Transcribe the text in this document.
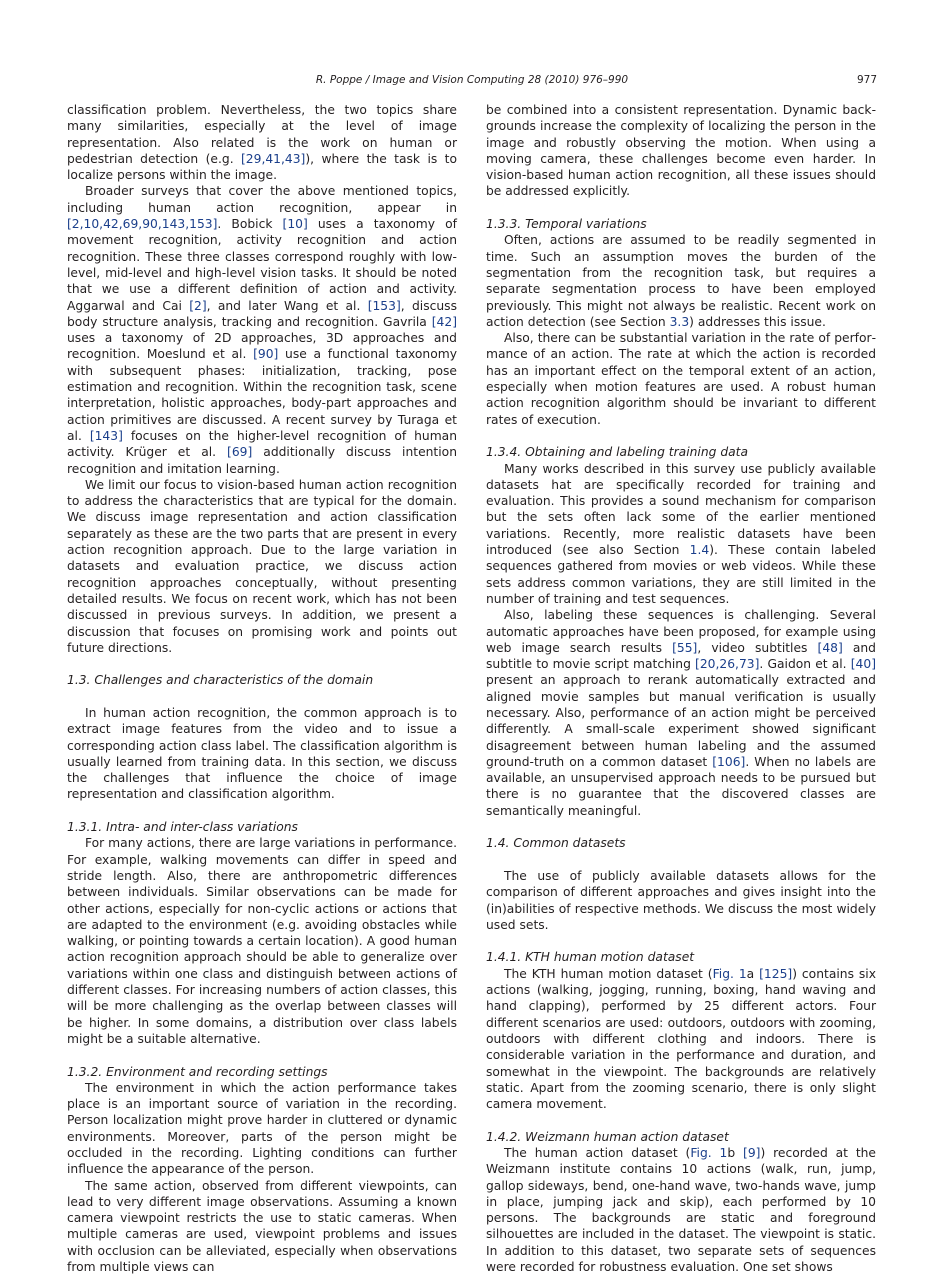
R. Poppe / Image and Vision Computing 28 (2010) 976–990	977

classification problem. Nevertheless, the two topics share many similarities, especially at the level of image representation. Also related is the work on human or pedestrian detection (e.g. [29,41,43]), where the task is to localize persons within the image.

Broader surveys that cover the above mentioned topics, including human action recognition, appear in [2,10,42,69,90,143,153]. Bobick [10] uses a taxonomy of movement recognition, activity recognition and action recognition. These three classes correspond roughly with low-level, mid-level and high-level vision tasks. It should be noted that we use a different definition of action and activity. Aggarwal and Cai [2], and later Wang et al. [153], discuss body structure analysis, tracking and recognition. Gavrila [42] uses a taxonomy of 2D approaches, 3D approaches and recognition. Moeslund et al. [90] use a functional taxonomy with subsequent phases: initialization, tracking, pose estimation and recognition. Within the recognition task, scene interpretation, holistic approaches, body-part approaches and action primitives are discussed. A recent survey by Turaga et al. [143] focuses on the higher-level recognition of human activity. Krüger et al. [69] additionally discuss intention recognition and imitation learning.

We limit our focus to vision-based human action recognition to address the characteristics that are typical for the domain. We discuss image representation and action classification separately as these are the two parts that are present in every action recognition approach. Due to the large variation in datasets and evaluation practice, we discuss action recognition approaches conceptually, without presenting detailed results. We focus on recent work, which has not been discussed in previous surveys. In addition, we present a discussion that focuses on promising work and points out future directions.

1.3. Challenges and characteristics of the domain

In human action recognition, the common approach is to extract image features from the video and to issue a corresponding action class label. The classification algorithm is usually learned from training data. In this section, we discuss the challenges that influence the choice of image representation and classification algorithm.

1.3.1. Intra- and inter-class variations

For many actions, there are large variations in performance. For example, walking movements can differ in speed and stride length. Also, there are anthropometric differences between individuals. Similar observations can be made for other actions, especially for non-cyclic actions or actions that are adapted to the environment (e.g. avoiding obstacles while walking, or pointing towards a certain location). A good human action recognition approach should be able to generalize over variations within one class and distinguish between actions of different classes. For increasing numbers of action classes, this will be more challenging as the overlap between classes will be higher. In some domains, a distribution over class labels might be a suitable alternative.

1.3.2. Environment and recording settings

The environment in which the action performance takes place is an important source of variation in the recording. Person localization might prove harder in cluttered or dynamic environments. Moreover, parts of the person might be occluded in the recording. Lighting conditions can further influence the appearance of the person.

The same action, observed from different viewpoints, can lead to very different image observations. Assuming a known camera viewpoint restricts the use to static cameras. When multiple cameras are used, viewpoint problems and issues with occlusion can be alleviated, especially when observations from multiple views can

be combined into a consistent representation. Dynamic backgrounds increase the complexity of localizing the person in the image and robustly observing the motion. When using a moving camera, these challenges become even harder. In vision-based human action recognition, all these issues should be addressed explicitly.

1.3.3. Temporal variations

Often, actions are assumed to be readily segmented in time. Such an assumption moves the burden of the segmentation from the recognition task, but requires a separate segmentation process to have been employed previously. This might not always be realistic. Recent work on action detection (see Section 3.3) addresses this issue.

Also, there can be substantial variation in the rate of performance of an action. The rate at which the action is recorded has an important effect on the temporal extent of an action, especially when motion features are used. A robust human action recognition algorithm should be invariant to different rates of execution.

1.3.4. Obtaining and labeling training data

Many works described in this survey use publicly available datasets hat are specifically recorded for training and evaluation. This provides a sound mechanism for comparison but the sets often lack some of the earlier mentioned variations. Recently, more realistic datasets have been introduced (see also Section 1.4). These contain labeled sequences gathered from movies or web videos. While these sets address common variations, they are still limited in the number of training and test sequences.

Also, labeling these sequences is challenging. Several automatic approaches have been proposed, for example using web image search results [55], video subtitles [48] and subtitle to movie script matching [20,26,73]. Gaidon et al. [40] present an approach to rerank automatically extracted and aligned movie samples but manual verification is usually necessary. Also, performance of an action might be perceived differently. A small-scale experiment showed significant disagreement between human labeling and the assumed ground-truth on a common dataset [106]. When no labels are available, an unsupervised approach needs to be pursued but there is no guarantee that the discovered classes are semantically meaningful.

1.4. Common datasets

The use of publicly available datasets allows for the comparison of different approaches and gives insight into the (in)abilities of respective methods. We discuss the most widely used sets.

1.4.1. KTH human motion dataset

The KTH human motion dataset (Fig. 1a [125]) contains six actions (walking, jogging, running, boxing, hand waving and hand clapping), performed by 25 different actors. Four different scenarios are used: outdoors, outdoors with zooming, outdoors with different clothing and indoors. There is considerable variation in the performance and duration, and somewhat in the viewpoint. The backgrounds are relatively static. Apart from the zooming scenario, there is only slight camera movement.

1.4.2. Weizmann human action dataset

The human action dataset (Fig. 1b [9]) recorded at the Weizmann institute contains 10 actions (walk, run, jump, gallop sideways, bend, one-hand wave, two-hands wave, jump in place, jumping jack and skip), each performed by 10 persons. The backgrounds are static and foreground silhouettes are included in the dataset. The viewpoint is static. In addition to this dataset, two separate sets of sequences were recorded for robustness evaluation. One set shows
